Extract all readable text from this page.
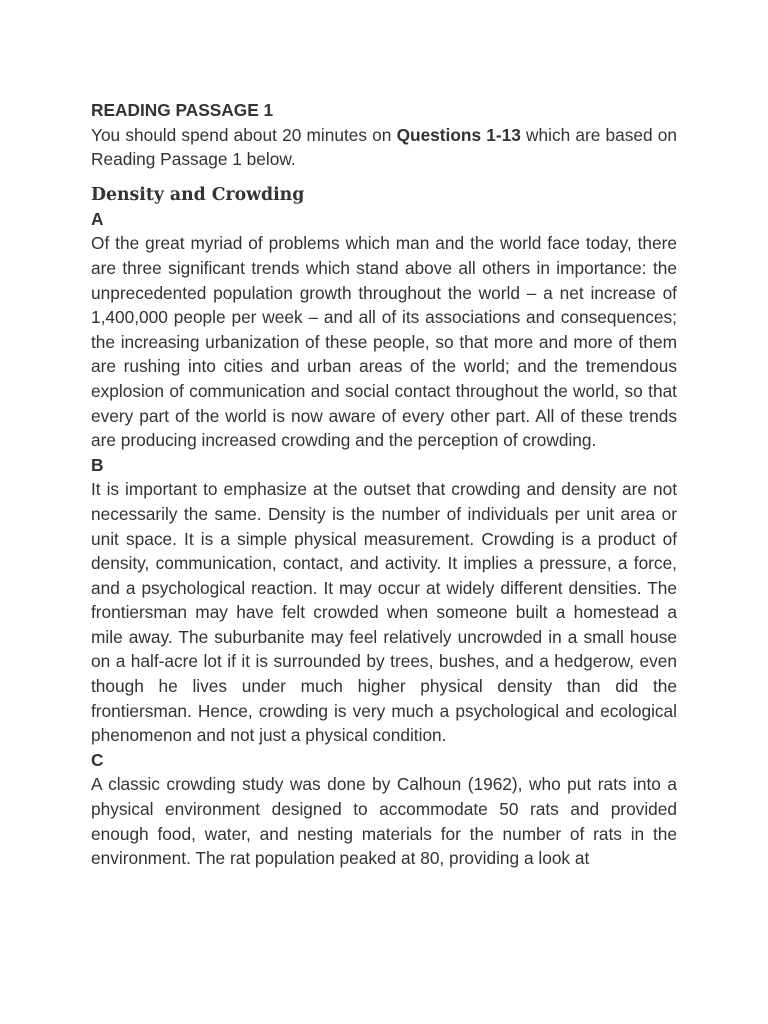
READING PASSAGE 1

You should spend about 20 minutes on Questions 1-13 which are based on Reading Passage 1 below.

Density and Crowding

A

Of the great myriad of problems which man and the world face today, there are three significant trends which stand above all others in importance: the unprecedented population growth throughout the world – a net increase of 1,400,000 people per week – and all of its associations and consequences; the increasing urbanization of these people, so that more and more of them are rushing into cities and urban areas of the world; and the tremendous explosion of communication and social contact throughout the world, so that every part of the world is now aware of every other part. All of these trends are producing increased crowding and the perception of crowding.

B

It is important to emphasize at the outset that crowding and density are not necessarily the same. Density is the number of individuals per unit area or unit space. It is a simple physical measurement. Crowding is a product of density, communication, contact, and activity. It implies a pressure, a force, and a psychological reaction. It may occur at widely different densities. The frontiersman may have felt crowded when someone built a homestead a mile away. The suburbanite may feel relatively uncrowded in a small house on a half-acre lot if it is surrounded by trees, bushes, and a hedgerow, even though he lives under much higher physical density than did the frontiersman. Hence, crowding is very much a psychological and ecological phenomenon and not just a physical condition.

C

A classic crowding study was done by Calhoun (1962), who put rats into a physical environment designed to accommodate 50 rats and provided enough food, water, and nesting materials for the number of rats in the environment. The rat population peaked at 80, providing a look at
